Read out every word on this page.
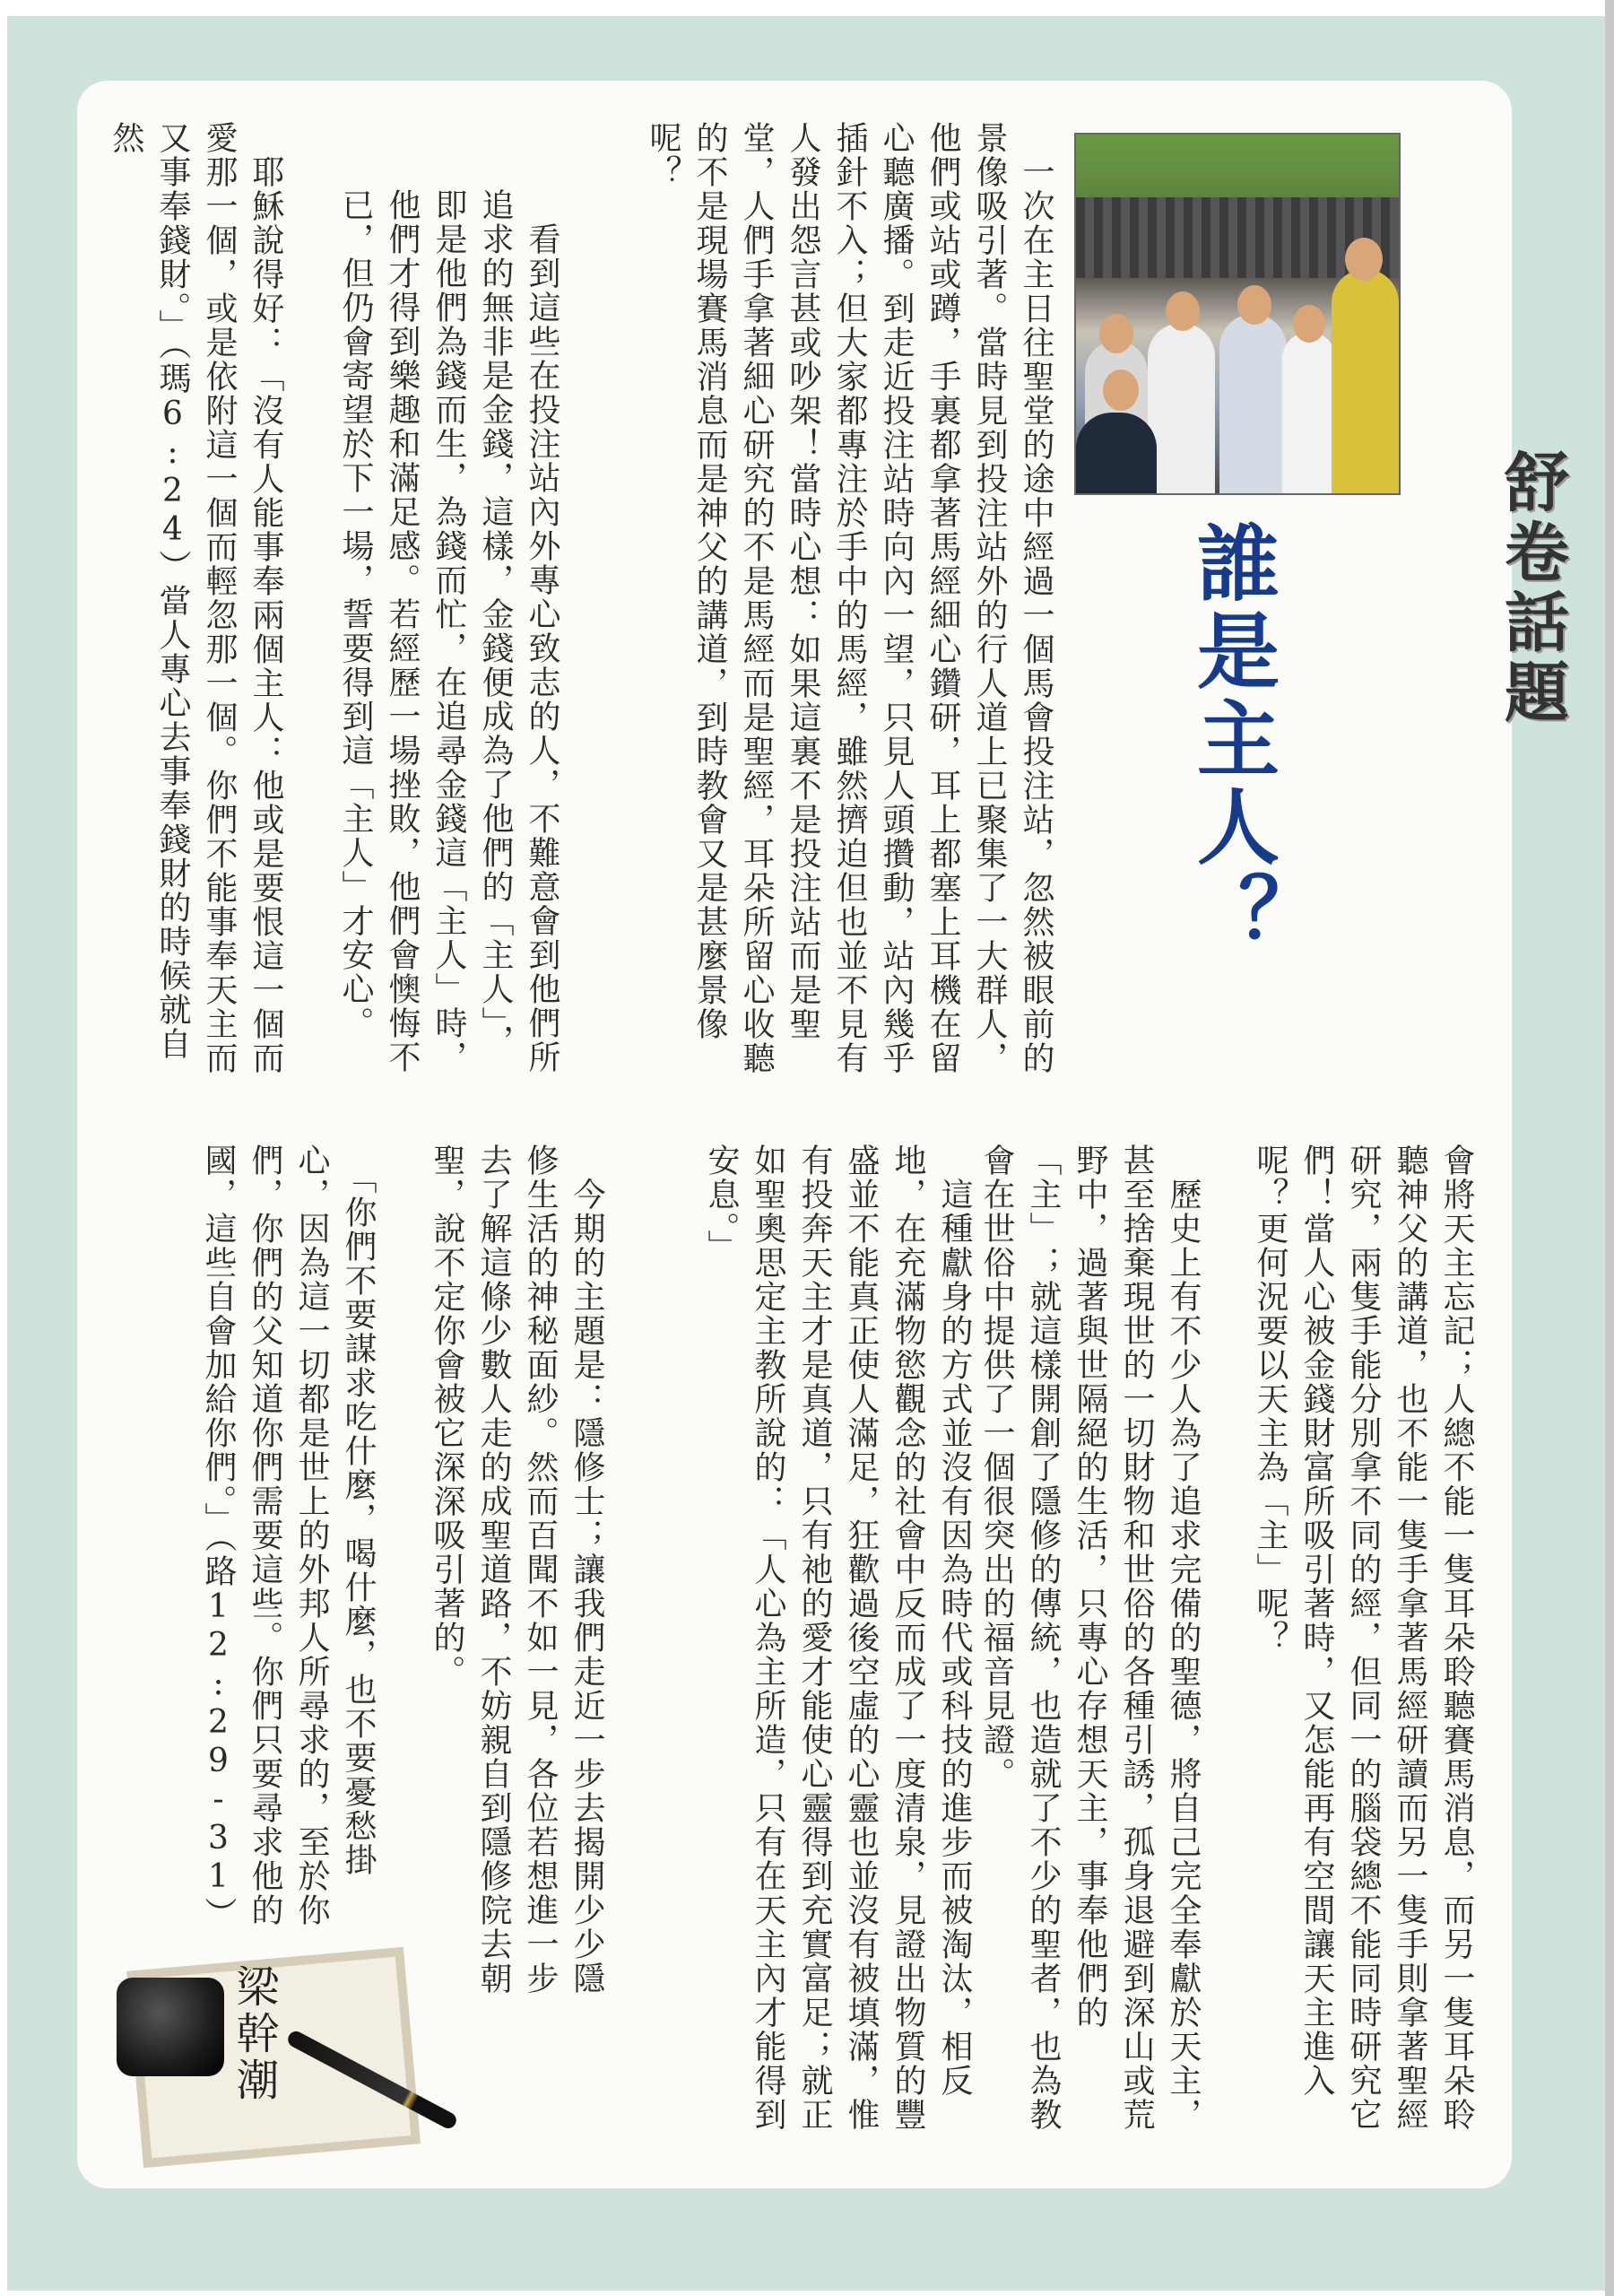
舒卷話題
誰是主人？
　一次在主日往聖堂的途中經過一個馬會投注站，忽然被眼前的景像吸引著。當時見到投注站外的行人道上已聚集了一大群人，他們或站或蹲，手裏都拿著馬經細心鑽研，耳上都塞上耳機在留心聽廣播。到走近投注站時向內一望，只見人頭攢動，站內幾乎插針不入；但大家都專注於手中的馬經，雖然擠迫但也並不見有人發出怨言甚或吵架！當時心想：如果這裏不是投注站而是聖堂，人們手拿著細心研究的不是馬經而是聖經，耳朵所留心收聽的不是現場賽馬消息而是神父的講道，到時教會又是甚麼景像呢？
　看到這些在投注站內外專心致志的人，不難意會到他們所追求的無非是金錢，這樣，金錢便成為了他們的「主人」，即是他們為錢而生，為錢而忙，在追尋金錢這「主人」時，他們才得到樂趣和滿足感。若經歷一場挫敗，他們會懊悔不已，但仍會寄望於下一場，誓要得到這「主人」才安心。
　耶穌說得好：「沒有人能事奉兩個主人：他或是要恨這一個而愛那一個，或是依附這一個而輕忽那一個。你們不能事奉天主而又事奉錢財。」（瑪6:24）當人專心去事奉錢財的時候就自然
會將天主忘記；人總不能一隻耳朵聆聽賽馬消息，而另一隻耳朵聆聽神父的講道，也不能一隻手拿著馬經研讀而另一隻手則拿著聖經研究，兩隻手能分別拿不同的經，但同一的腦袋總不能同時研究它們！當人心被金錢財富所吸引著時，又怎能再有空間讓天主進入呢？更何況要以天主為「主」呢？
　歷史上有不少人為了追求完備的聖德，將自己完全奉獻於天主，甚至捨棄現世的一切財物和世俗的各種引誘，孤身退避到深山或荒野中，過著與世隔絕的生活，只專心存想天主，事奉他們的「主」；就這樣開創了隱修的傳統，也造就了不少的聖者，也為教會在世俗中提供了一個很突出的福音見證。
　這種獻身的方式並沒有因為時代或科技的進步而被淘汰，相反地，在充滿物慾觀念的社會中反而成了一度清泉，見證出物質的豐盛並不能真正使人滿足，狂歡過後空虛的心靈也並沒有被填滿，惟有投奔天主才是真道，只有祂的愛才能使心靈得到充實富足；就正如聖奧思定主教所說的：「人心為主所造，只有在天主內才能得到安息。」
　今期的主題是：隱修士；讓我們走近一步去揭開少少隱修生活的神秘面紗。然而百聞不如一見，各位若想進一步去了解這條少數人走的成聖道路，不妨親自到隱修院去朝聖，說不定你會被它深深吸引著的。
　「你們不要謀求吃什麼，喝什麼，也不要憂愁掛心，因為這一切都是世上的外邦人所尋求的，至於你們，你們的父知道你們需要這些。你們只要尋求他的國，這些自會加給你們。」（路12:29-31）
梁幹潮
